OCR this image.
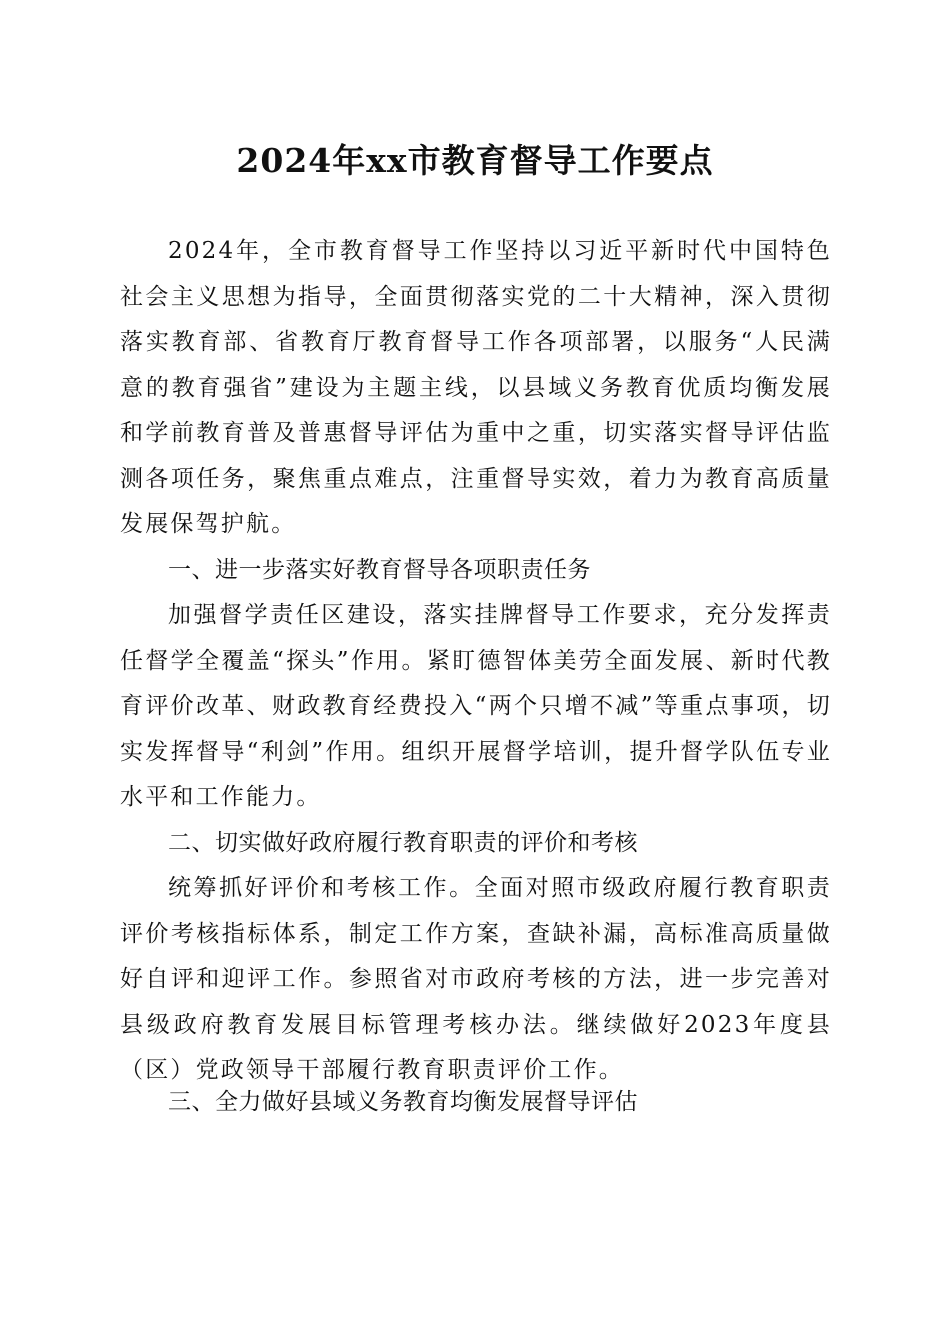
2024年xx市教育督导工作要点

2024年，全市教育督导工作坚持以习近平新时代中国特色社会主义思想为指导，全面贯彻落实党的二十大精神，深入贯彻落实教育部、省教育厅教育督导工作各项部署，以服务“人民满意的教育强省”建设为主题主线，以县域义务教育优质均衡发展和学前教育普及普惠督导评估为重中之重，切实落实督导评估监测各项任务，聚焦重点难点，注重督导实效，着力为教育高质量发展保驾护航。

一、进一步落实好教育督导各项职责任务

加强督学责任区建设，落实挂牌督导工作要求，充分发挥责任督学全覆盖“探头”作用。紧盯德智体美劳全面发展、新时代教育评价改革、财政教育经费投入“两个只增不减”等重点事项，切实发挥督导“利剑”作用。组织开展督学培训，提升督学队伍专业水平和工作能力。

二、切实做好政府履行教育职责的评价和考核

统筹抓好评价和考核工作。全面对照市级政府履行教育职责评价考核指标体系，制定工作方案，查缺补漏，高标准高质量做好自评和迎评工作。参照省对市政府考核的方法，进一步完善对县级政府教育发展目标管理考核办法。继续做好2023年度县（区）党政领导干部履行教育职责评价工作。

三、全力做好县域义务教育均衡发展督导评估
